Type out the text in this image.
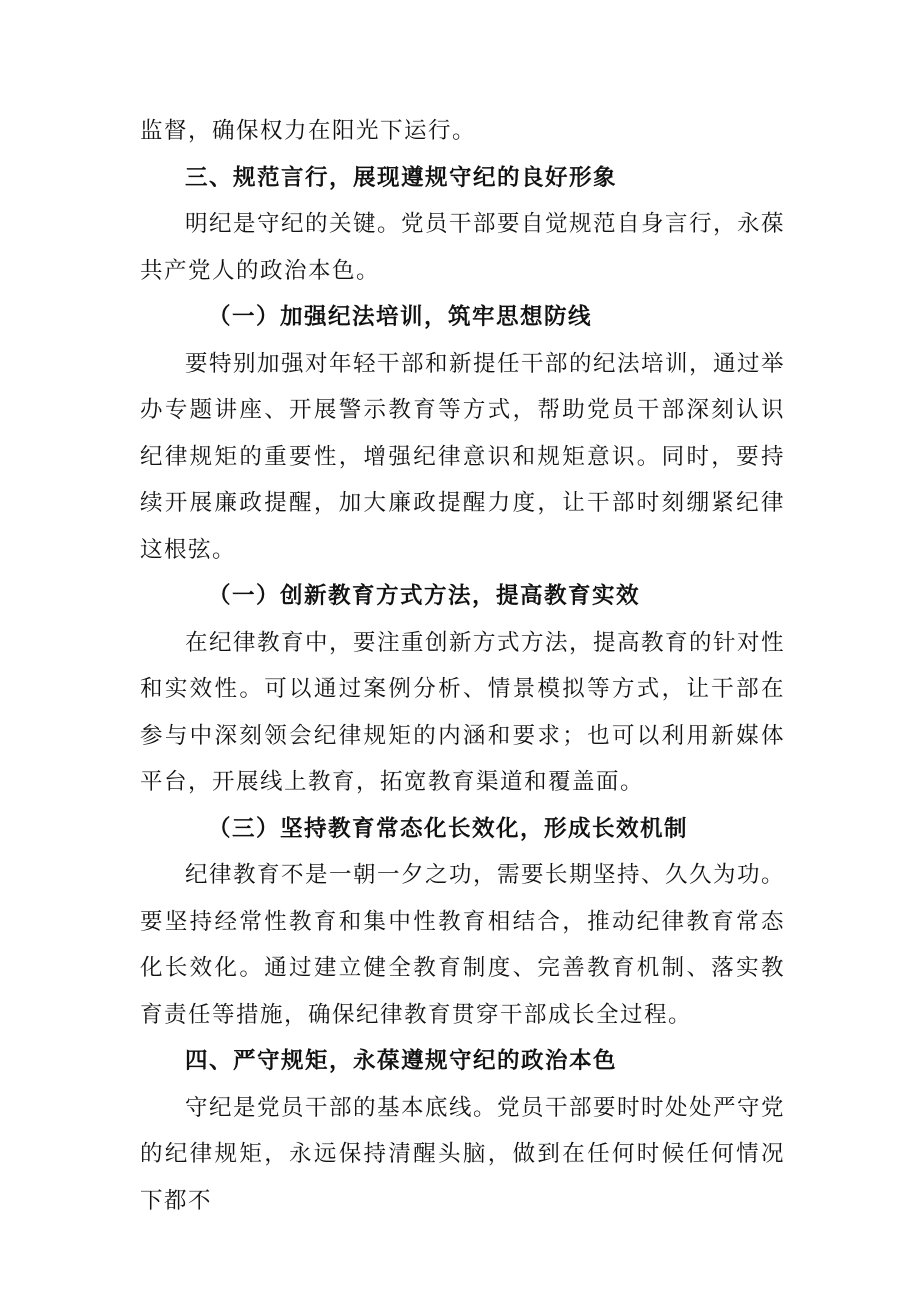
监督，确保权力在阳光下运行。

三、规范言行，展现遵规守纪的良好形象

明纪是守纪的关键。党员干部要自觉规范自身言行，永葆共产党人的政治本色。

（一）加强纪法培训，筑牢思想防线

要特别加强对年轻干部和新提任干部的纪法培训，通过举办专题讲座、开展警示教育等方式，帮助党员干部深刻认识纪律规矩的重要性，增强纪律意识和规矩意识。同时，要持续开展廉政提醒，加大廉政提醒力度，让干部时刻绷紧纪律这根弦。

（一）创新教育方式方法，提高教育实效

在纪律教育中，要注重创新方式方法，提高教育的针对性和实效性。可以通过案例分析、情景模拟等方式，让干部在参与中深刻领会纪律规矩的内涵和要求；也可以利用新媒体平台，开展线上教育，拓宽教育渠道和覆盖面。

（三）坚持教育常态化长效化，形成长效机制

纪律教育不是一朝一夕之功，需要长期坚持、久久为功。要坚持经常性教育和集中性教育相结合，推动纪律教育常态化长效化。通过建立健全教育制度、完善教育机制、落实教育责任等措施，确保纪律教育贯穿干部成长全过程。

四、严守规矩，永葆遵规守纪的政治本色

守纪是党员干部的基本底线。党员干部要时时处处严守党的纪律规矩，永远保持清醒头脑，做到在任何时候任何情况下都不
